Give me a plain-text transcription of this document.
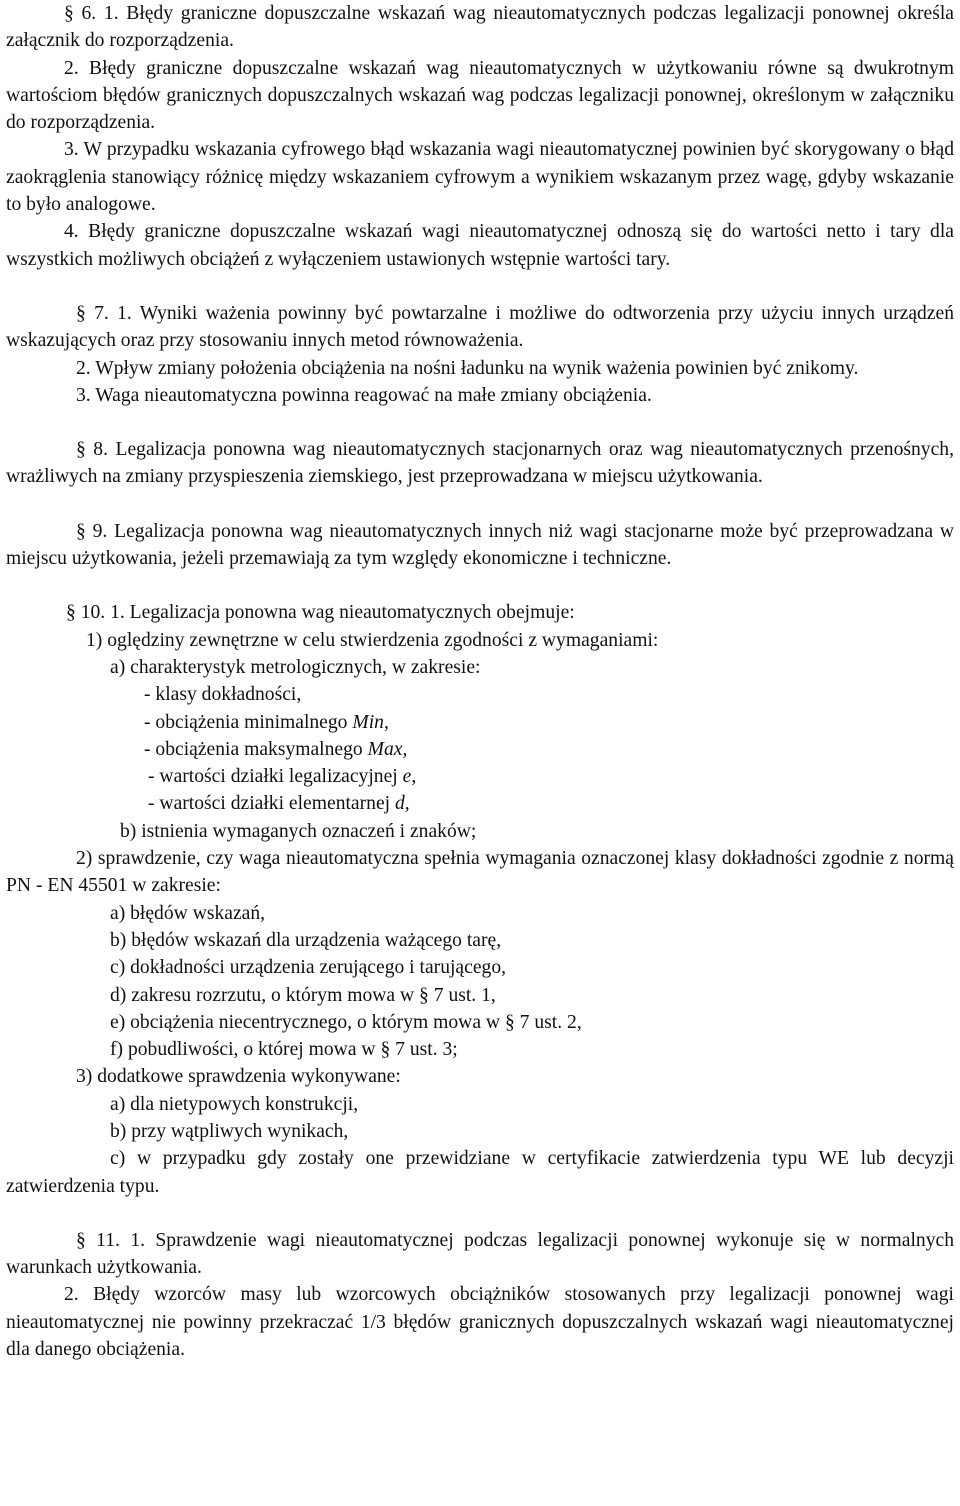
§ 6. 1. Błędy graniczne dopuszczalne wskazań wag nieautomatycznych podczas legalizacji ponownej określa załącznik do rozporządzenia.

2. Błędy graniczne dopuszczalne wskazań wag nieautomatycznych w użytkowaniu równe są dwukrotnym wartościom błędów granicznych dopuszczalnych wskazań wag podczas legalizacji ponownej, określonym w załączniku do rozporządzenia.

3. W przypadku wskazania cyfrowego błąd wskazania wagi nieautomatycznej powinien być skorygowany o błąd zaokrąglenia stanowiący różnicę między wskazaniem cyfrowym a wynikiem wskazanym przez wagę, gdyby wskazanie to było analogowe.

4. Błędy graniczne dopuszczalne wskazań wagi nieautomatycznej odnoszą się do wartości netto i tary dla wszystkich możliwych obciążeń z wyłączeniem ustawionych wstępnie wartości tary.

§ 7. 1. Wyniki ważenia powinny być powtarzalne i możliwe do odtworzenia przy użyciu innych urządzeń wskazujących oraz przy stosowaniu innych metod równoważenia.

2. Wpływ zmiany położenia obciążenia na nośni ładunku na wynik ważenia powinien być znikomy.

3. Waga nieautomatyczna powinna reagować na małe zmiany obciążenia.

§ 8. Legalizacja ponowna wag nieautomatycznych stacjonarnych oraz wag nieautomatycznych przenośnych, wrażliwych na zmiany przyspieszenia ziemskiego, jest przeprowadzana w miejscu użytkowania.

§ 9. Legalizacja ponowna wag nieautomatycznych innych niż wagi stacjonarne może być przeprowadzana w miejscu użytkowania, jeżeli przemawiają za tym względy ekonomiczne i techniczne.

§ 10. 1. Legalizacja ponowna wag nieautomatycznych obejmuje:

1) oględziny zewnętrzne w celu stwierdzenia zgodności z wymaganiami:

a) charakterystyk metrologicznych, w zakresie:

- klasy dokładności,

- obciążenia minimalnego Min,

- obciążenia maksymalnego Max,

- wartości działki legalizacyjnej e,

- wartości działki elementarnej d,

b) istnienia wymaganych oznaczeń i znaków;

2) sprawdzenie, czy waga nieautomatyczna spełnia wymagania oznaczonej klasy dokładności zgodnie z normą PN - EN 45501 w zakresie:

a) błędów wskazań,

b) błędów wskazań dla urządzenia ważącego tarę,

c) dokładności urządzenia zerującego i tarującego,

d) zakresu rozrzutu, o którym mowa w § 7 ust. 1,

e) obciążenia niecentrycznego, o którym mowa w § 7 ust. 2,

f) pobudliwości, o której mowa w § 7 ust. 3;

3) dodatkowe sprawdzenia wykonywane:

a) dla nietypowych konstrukcji,

b) przy wątpliwych wynikach,

c) w przypadku gdy zostały one przewidziane w certyfikacie zatwierdzenia typu WE lub decyzji zatwierdzenia typu.

§ 11. 1. Sprawdzenie wagi nieautomatycznej podczas legalizacji ponownej wykonuje się w normalnych warunkach użytkowania.

2. Błędy wzorców masy lub wzorcowych obciążników stosowanych przy legalizacji ponownej wagi nieautomatycznej nie powinny przekraczać 1/3 błędów granicznych dopuszczalnych wskazań wagi nieautomatycznej dla danego obciążenia.
